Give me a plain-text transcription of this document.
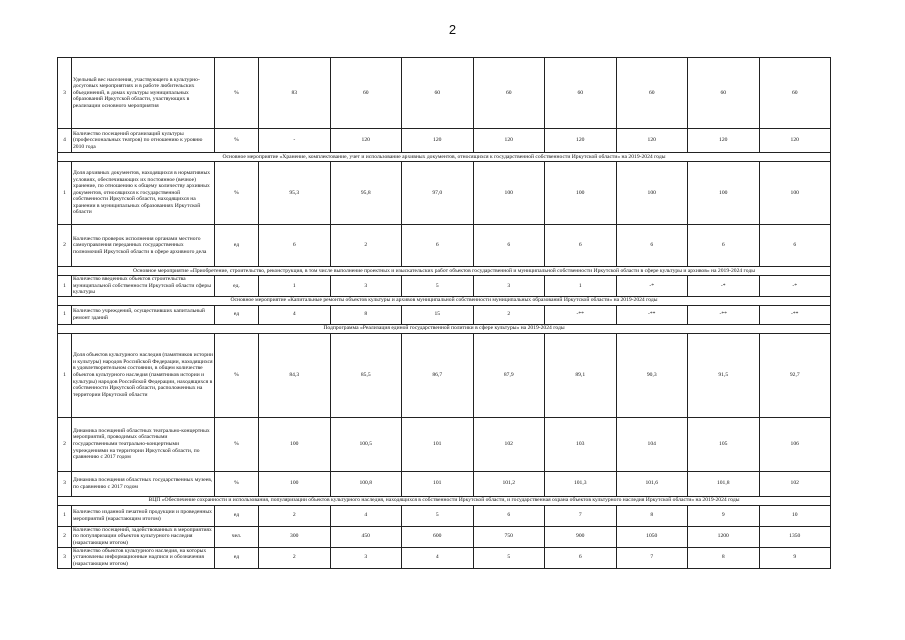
2
3	Удельный вес населения, участвующего в культурно-досуговых мероприятиях и в работе любительских объединений, в домах культуры муниципальных образований Иркутской области, участвующих в реализации основного мероприятия	%	83	60	60	60	60	60	60	60
4	Количество посещений организаций культуры (профессиональных театров) по отношению к уровню 2010 года	%	-	120	120	120	120	120	120	120
Основное мероприятие «Хранение, комплектование, учет и использование архивных документов, относящихся к государственной собственности Иркутской области» на 2019-2024 годы										
1	Доля архивных документов, находящихся в нормативных условиях, обеспечивающих их постоянное (вечное) хранение, по отношению к общему количеству архивных документов, относящихся к государственной собственности Иркутской области, находящихся на хранении в муниципальных образованиях Иркутской области	%	95,3	95,8	97,0	100	100	100	100	100
2	Количество проверок исполнения органами местного самоуправления переданных государственных полномочий Иркутской области в сфере архивного дела	ед	6	2	6	6	6	6	6	6
Основное мероприятие «Приобретение, строительство, реконструкция, в том числе выполнение проектных и изыскательских работ объектов государственной и муниципальной собственности Иркутской области в сфере культуры и архивов» на 2019-2024 годы										
1	Количество введенных объектов строительства муниципальной собственности Иркутской области сферы культуры	ед.	1	3	5	3	1	-*	-*	-*
Основное мероприятие «Капитальные ремонты объектов культуры и архивов муниципальной собственности муниципальных образований Иркутской области» на 2019-2024 годы										
1	Количество учреждений, осуществивших капитальный ремонт зданий	ед	4	8	15	2	-**	-**	-**	-**
Подпрограмма «Реализация единой государственной политики в сфере культуры» на 2019-2024 годы										
1	Доля объектов культурного наследия (памятников истории и культуры) народов Российской Федерации, находящихся в удовлетворительном состоянии, в общем количестве объектов культурного наследия (памятников истории и культуры) народов Российской Федерации, находящихся в собственности Иркутской области, расположенных на территории Иркутской области	%	84,3	85,5	86,7	87,9	89,1	90,3	91,5	92,7
2	Динамика посещений областных театрально-концертных мероприятий, проводимых областными государственными театрально-концертными учреждениями на территории Иркутской области, по сравнению с 2017 годом	%	100	100,5	101	102	103	104	105	106
3	Динамика посещения областных государственных музеев, по сравнению с 2017 годом	%	100	100,8	101	101,2	101,3	101,6	101,8	102
ВЦП «Обеспечение сохранности и использования, популяризации объектов культурного наследия, находящихся в собственности Иркутской области, и государственная охрана объектов культурного наследия Иркутской области» на 2019-2024 годы										
1	Количество изданной печатной продукции и проведенных мероприятий (нарастающим итогом)	ед	2	4	5	6	7	8	9	10
2	Количество посещений, задействованных в мероприятиях по популяризации объектов культурного наследия (нарастающим итогом)	чел.	300	450	600	750	900	1050	1200	1350
3	Количество объектов культурного наследия, на которых установлены информационные надписи и обозначения (нарастающим итогом)	ед	2	3	4	5	6	7	8	9
